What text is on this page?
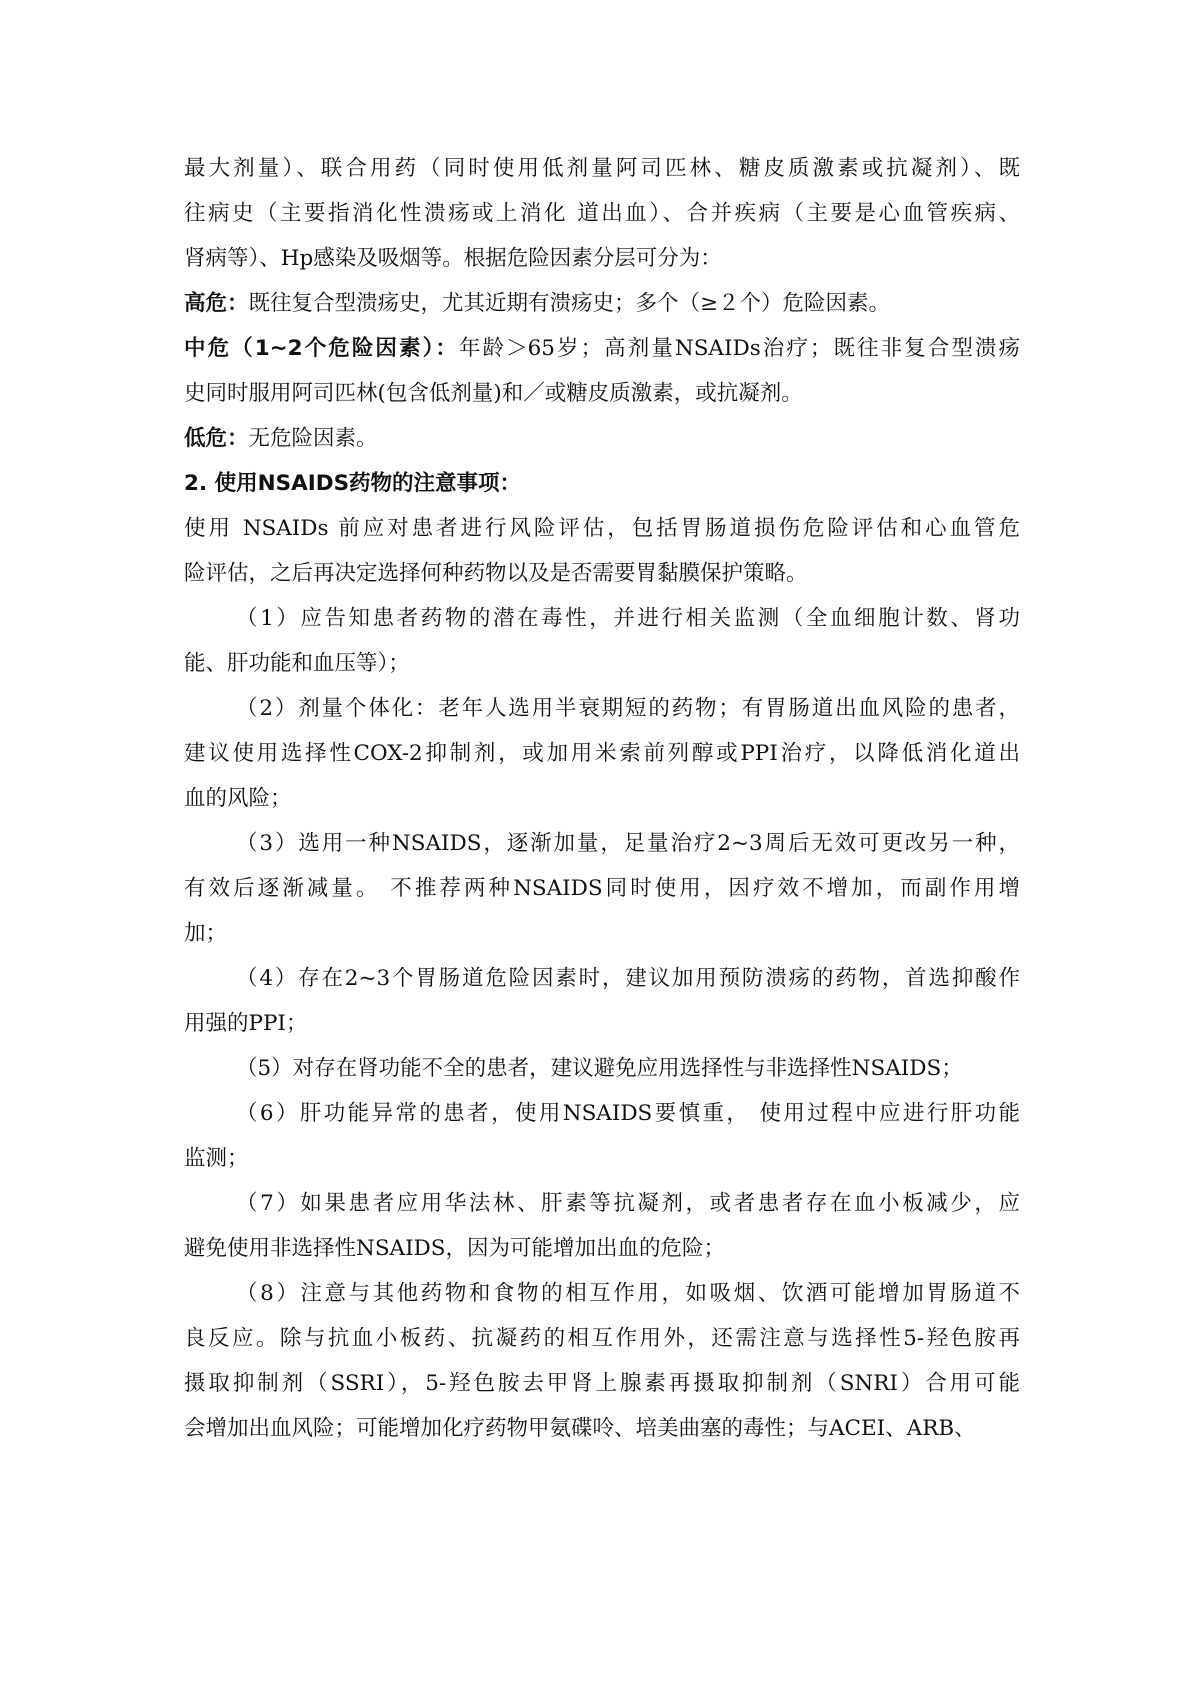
最大剂量）、联合用药（同时使用低剂量阿司匹林、糖皮质激素或抗凝剂）、既
往病史（主要指消化性溃疡或上消化 道出血）、合并疾病（主要是心血管疾病、
肾病等）、Hp感染及吸烟等。根据危险因素分层可分为：
高危：既往复合型溃疡史，尤其近期有溃疡史；多个（≥２个）危险因素。
中危（1~2个危险因素）：年龄＞65岁；高剂量NSAIDs治疗；既往非复合型溃疡
史同时服用阿司匹林(包含低剂量)和／或糖皮质激素，或抗凝剂。
低危：无危险因素。
2. 使用NSAIDS药物的注意事项：
使用 NSAIDs 前应对患者进行风险评估，包括胃肠道损伤危险评估和心血管危
险评估，之后再决定选择何种药物以及是否需要胃黏膜保护策略。
（1）应告知患者药物的潜在毒性，并进行相关监测（全血细胞计数、肾功
能、肝功能和血压等）；
（2）剂量个体化：老年人选用半衰期短的药物；有胃肠道出血风险的患者，
建议使用选择性COX-2抑制剂，或加用米索前列醇或PPI治疗，以降低消化道出
血的风险；
（3）选用一种NSAIDS，逐渐加量，足量治疗2~3周后无效可更改另一种，
有效后逐渐减量。 不推荐两种NSAIDS同时使用，因疗效不增加，而副作用增
加；
（4）存在2~3个胃肠道危险因素时，建议加用预防溃疡的药物，首选抑酸作
用强的PPI；
（5）对存在肾功能不全的患者，建议避免应用选择性与非选择性NSAIDS；
（6）肝功能异常的患者，使用NSAIDS要慎重， 使用过程中应进行肝功能
监测；
（7）如果患者应用华法林、肝素等抗凝剂，或者患者存在血小板减少，应
避免使用非选择性NSAIDS，因为可能增加出血的危险；
（8）注意与其他药物和食物的相互作用，如吸烟、饮酒可能增加胃肠道不
良反应。除与抗血小板药、抗凝药的相互作用外，还需注意与选择性5-羟色胺再
摄取抑制剂（SSRI），5-羟色胺去甲肾上腺素再摄取抑制剂（SNRI）合用可能
会增加出血风险；可能增加化疗药物甲氨碟呤、培美曲塞的毒性；与ACEI、ARB、
